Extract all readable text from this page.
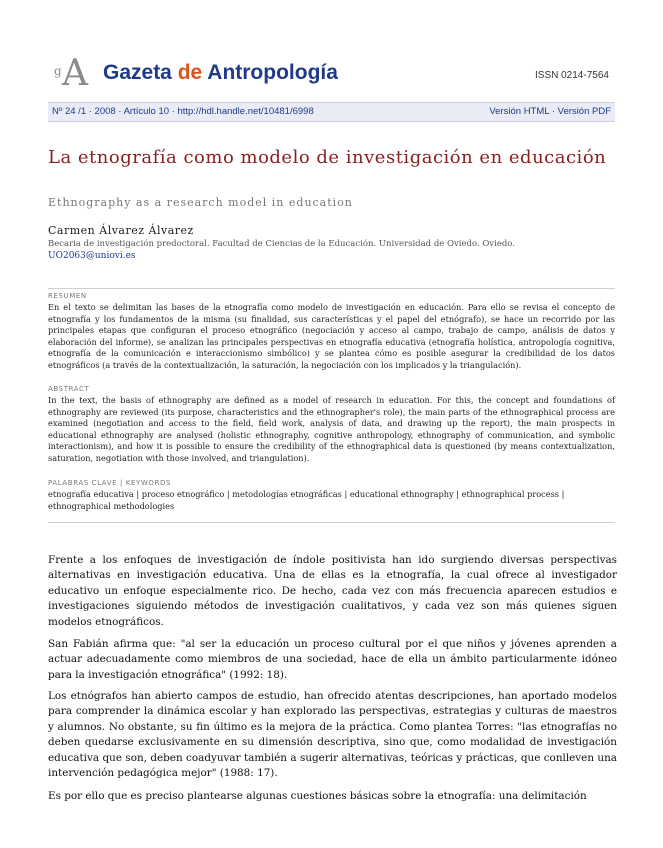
g A Gazeta de Antropología	ISSN 0214-7564
Nº 24 /1 · 2008 · Artículo 10 · http://hdl.handle.net/10481/6998	Versión HTML · Versión PDF
La etnografía como modelo de investigación en educación
Ethnography as a research model in education
Carmen Álvarez Álvarez
Becaria de investigación predoctoral. Facultad de Ciencias de la Educación. Universidad de Oviedo. Oviedo.
UO2063@uniovi.es
RESUMEN
En el texto se delimitan las bases de la etnografía como modelo de investigación en educación. Para ello se revisa el concepto de etnografía y los fundamentos de la misma (su finalidad, sus características y el papel del etnógrafo), se hace un recorrido por las principales etapas que configuran el proceso etnográfico (negociación y acceso al campo, trabajo de campo, análisis de datos y elaboración del informe), se analizan las principales perspectivas en etnografía educativa (etnografía holística, antropología cognitiva, etnografía de la comunicación e interaccionismo simbólico) y se plantea cómo es posible asegurar la credibilidad de los datos etnográficos (a través de la contextualización, la saturación, la negociación con los implicados y la triangulación).
ABSTRACT
In the text, the basis of ethnography are defined as a model of research in education. For this, the concept and foundations of ethnography are reviewed (its purpose, characteristics and the ethnographer's role), the main parts of the ethnographical process are examined (negotiation and access to the field, field work, analysis of data, and drawing up the report), the main prospects in educational ethnography are analysed (holistic ethnography, cognitive anthropology, ethnography of communication, and symbolic interactionism), and how it is possible to ensure the credibility of the ethnographical data is questioned (by means contextualization, saturation, negotiation with those involved, and triangulation).
PALABRAS CLAVE | KEYWORDS
etnografía educativa | proceso etnográfico | metodologías etnográficas | educational ethnography | ethnographical process | ethnographical methodologies

Frente a los enfoques de investigación de índole positivista han ido surgiendo diversas perspectivas alternativas en investigación educativa. Una de ellas es la etnografía, la cual ofrece al investigador educativo un enfoque especialmente rico. De hecho, cada vez con más frecuencia aparecen estudios e investigaciones siguiendo métodos de investigación cualitativos, y cada vez son más quienes siguen modelos etnográficos.

San Fabián afirma que: "al ser la educación un proceso cultural por el que niños y jóvenes aprenden a actuar adecuadamente como miembros de una sociedad, hace de ella un ámbito particularmente idóneo para la investigación etnográfica" (1992: 18).

Los etnógrafos han abierto campos de estudio, han ofrecido atentas descripciones, han aportado modelos para comprender la dinámica escolar y han explorado las perspectivas, estrategias y culturas de maestros y alumnos. No obstante, su fin último es la mejora de la práctica. Como plantea Torres: "las etnografías no deben quedarse exclusivamente en su dimensión descriptiva, sino que, como modalidad de investigación educativa que son, deben coadyuvar también a sugerir alternativas, teóricas y prácticas, que conlleven una intervención pedagógica mejor" (1988: 17).

Es por ello que es preciso plantearse algunas cuestiones básicas sobre la etnografía: una delimitación
